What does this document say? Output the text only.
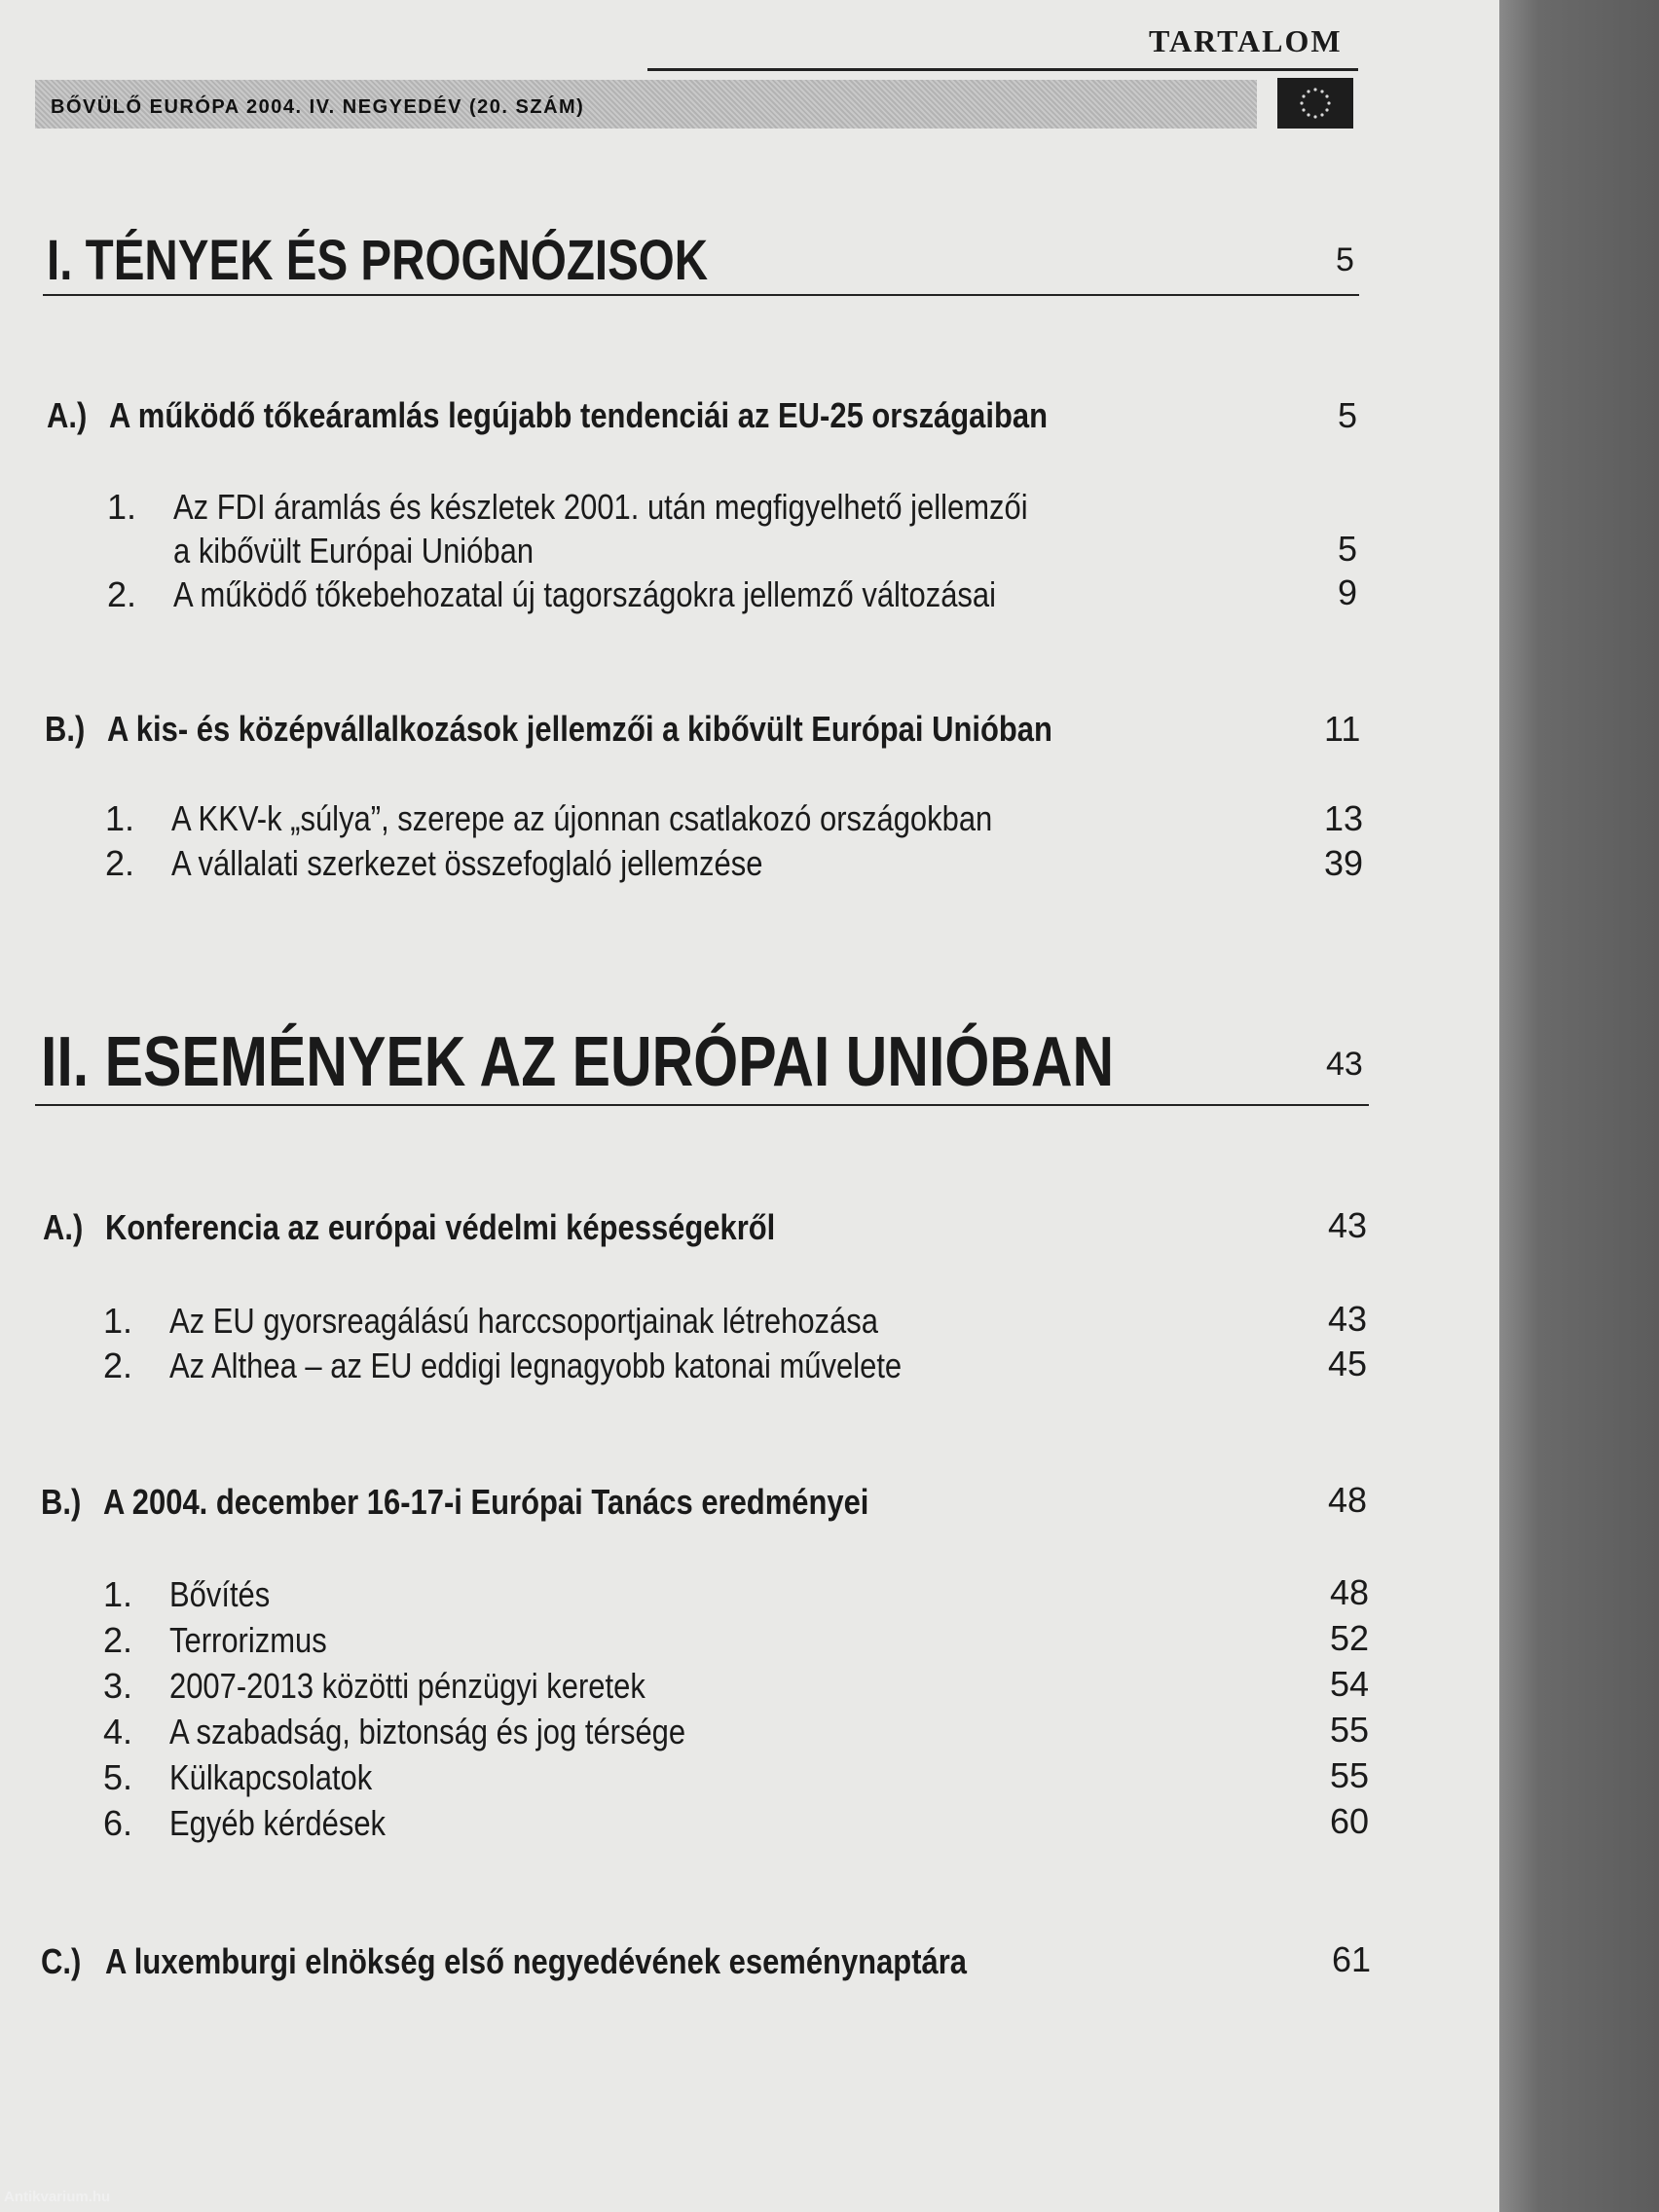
TARTALOM
BŐVÜLŐ EURÓPA 2004. IV. NEGYEDÉV (20. SZÁM)
I. TÉNYEK ÉS PROGNÓZISOK	5
A.) A működő tőkeáramlás legújabb tendenciái az EU-25 országaiban	5
1. Az FDI áramlás és készletek 2001. után megfigyelhető jellemzői
a kibővült Európai Unióban	5
2. A működő tőkebehozatal új tagországokra jellemző változásai	9
B.) A kis- és középvállalkozások jellemzői a kibővült Európai Unióban	11
1. A KKV-k „súlya”, szerepe az újonnan csatlakozó országokban	13
2. A vállalati szerkezet összefoglaló jellemzése	39
II. ESEMÉNYEK AZ EURÓPAI UNIÓBAN	43
A.) Konferencia az európai védelmi képességekről	43
1. Az EU gyorsreagálású harccsoportjainak létrehozása	43
2. Az Althea – az EU eddigi legnagyobb katonai művelete	45
B.) A 2004. december 16-17-i Európai Tanács eredményei	48
1. Bővítés	48
2. Terrorizmus	52
3. 2007-2013 közötti pénzügyi keretek	54
4. A szabadság, biztonság és jog térsége	55
5. Külkapcsolatok	55
6. Egyéb kérdések	60
C.) A luxemburgi elnökség első negyedévének eseménynaptára	61
Antikvarium.hu
